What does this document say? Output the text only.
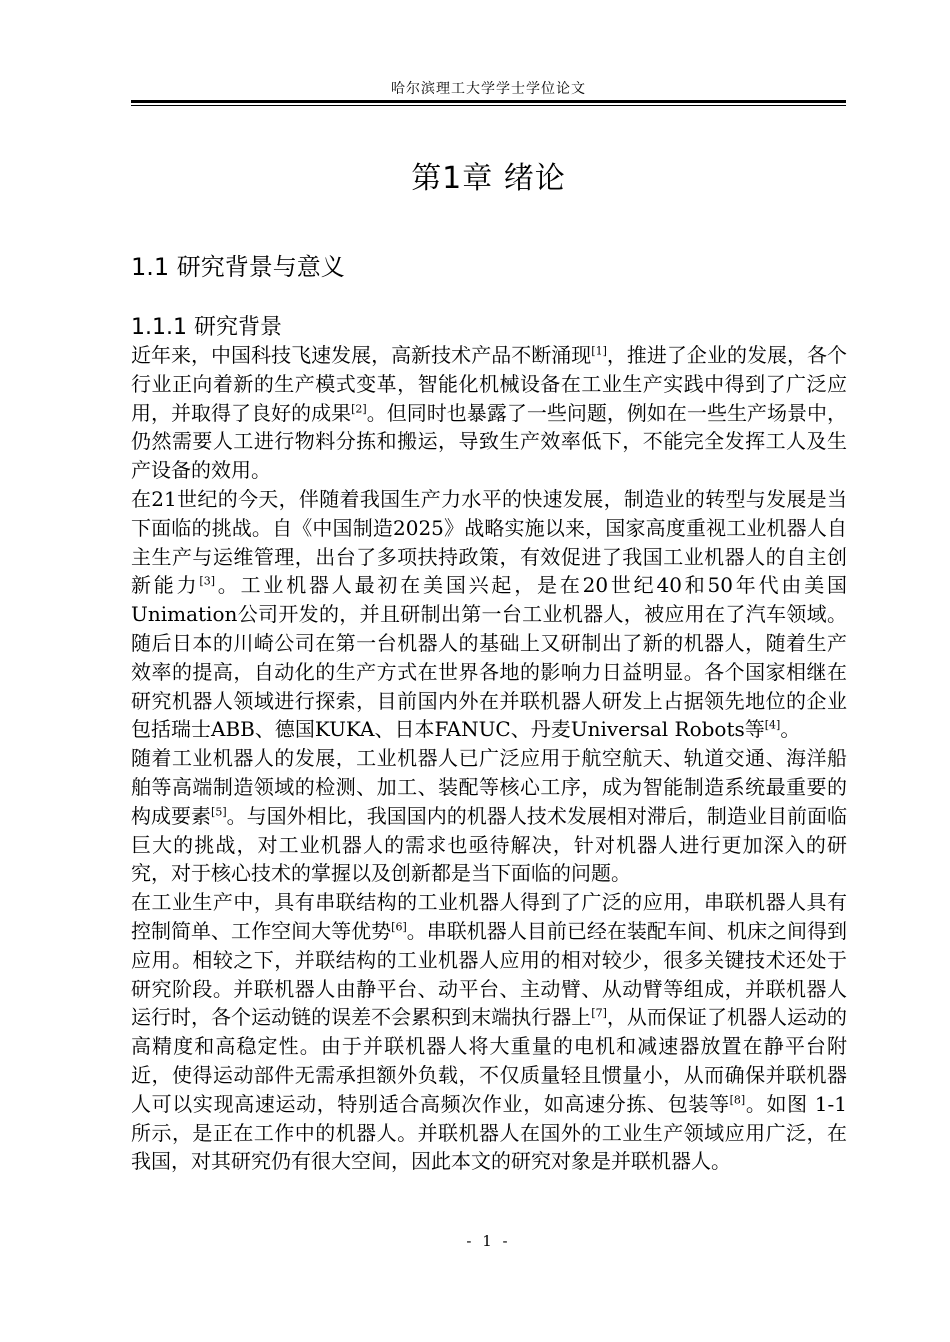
哈尔滨理工大学学士学位论文
第1章 绪论
1.1 研究背景与意义
1.1.1 研究背景

近年来，中国科技飞速发展，高新技术产品不断涌现[1]，推进了企业的发展，各个行业正向着新的生产模式变革，智能化机械设备在工业生产实践中得到了广泛应用，并取得了良好的成果[2]。但同时也暴露了一些问题，例如在一些生产场景中，仍然需要人工进行物料分拣和搬运，导致生产效率低下，不能完全发挥工人及生产设备的效用。

在21世纪的今天，伴随着我国生产力水平的快速发展，制造业的转型与发展是当下面临的挑战。自《中国制造2025》战略实施以来，国家高度重视工业机器人自主生产与运维管理，出台了多项扶持政策，有效促进了我国工业机器人的自主创新能力[3]。工业机器人最初在美国兴起，是在20世纪40和50年代由美国Unimation公司开发的，并且研制出第一台工业机器人，被应用在了汽车领域。随后日本的川崎公司在第一台机器人的基础上又研制出了新的机器人，随着生产效率的提高，自动化的生产方式在世界各地的影响力日益明显。各个国家相继在研究机器人领域进行探索，目前国内外在并联机器人研发上占据领先地位的企业包括瑞士ABB、德国KUKA、日本FANUC、丹麦Universal Robots等[4]。

随着工业机器人的发展，工业机器人已广泛应用于航空航天、轨道交通、海洋船舶等高端制造领域的检测、加工、装配等核心工序，成为智能制造系统最重要的构成要素[5]。与国外相比，我国国内的机器人技术发展相对滞后，制造业目前面临巨大的挑战，对工业机器人的需求也亟待解决，针对机器人进行更加深入的研究，对于核心技术的掌握以及创新都是当下面临的问题。

在工业生产中，具有串联结构的工业机器人得到了广泛的应用，串联机器人具有控制简单、工作空间大等优势[6]。串联机器人目前已经在装配车间、机床之间得到应用。相较之下，并联结构的工业机器人应用的相对较少，很多关键技术还处于研究阶段。并联机器人由静平台、动平台、主动臂、从动臂等组成，并联机器人运行时，各个运动链的误差不会累积到末端执行器上[7]，从而保证了机器人运动的高精度和高稳定性。由于并联机器人将大重量的电机和减速器放置在静平台附近，使得运动部件无需承担额外负载，不仅质量轻且惯量小，从而确保并联机器人可以实现高速运动，特别适合高频次作业，如高速分拣、包装等[8]。如图 1-1 所示，是正在工作中的机器人。并联机器人在国外的工业生产领域应用广泛，在我国，对其研究仍有很大空间，因此本文的研究对象是并联机器人。

- 1 -
